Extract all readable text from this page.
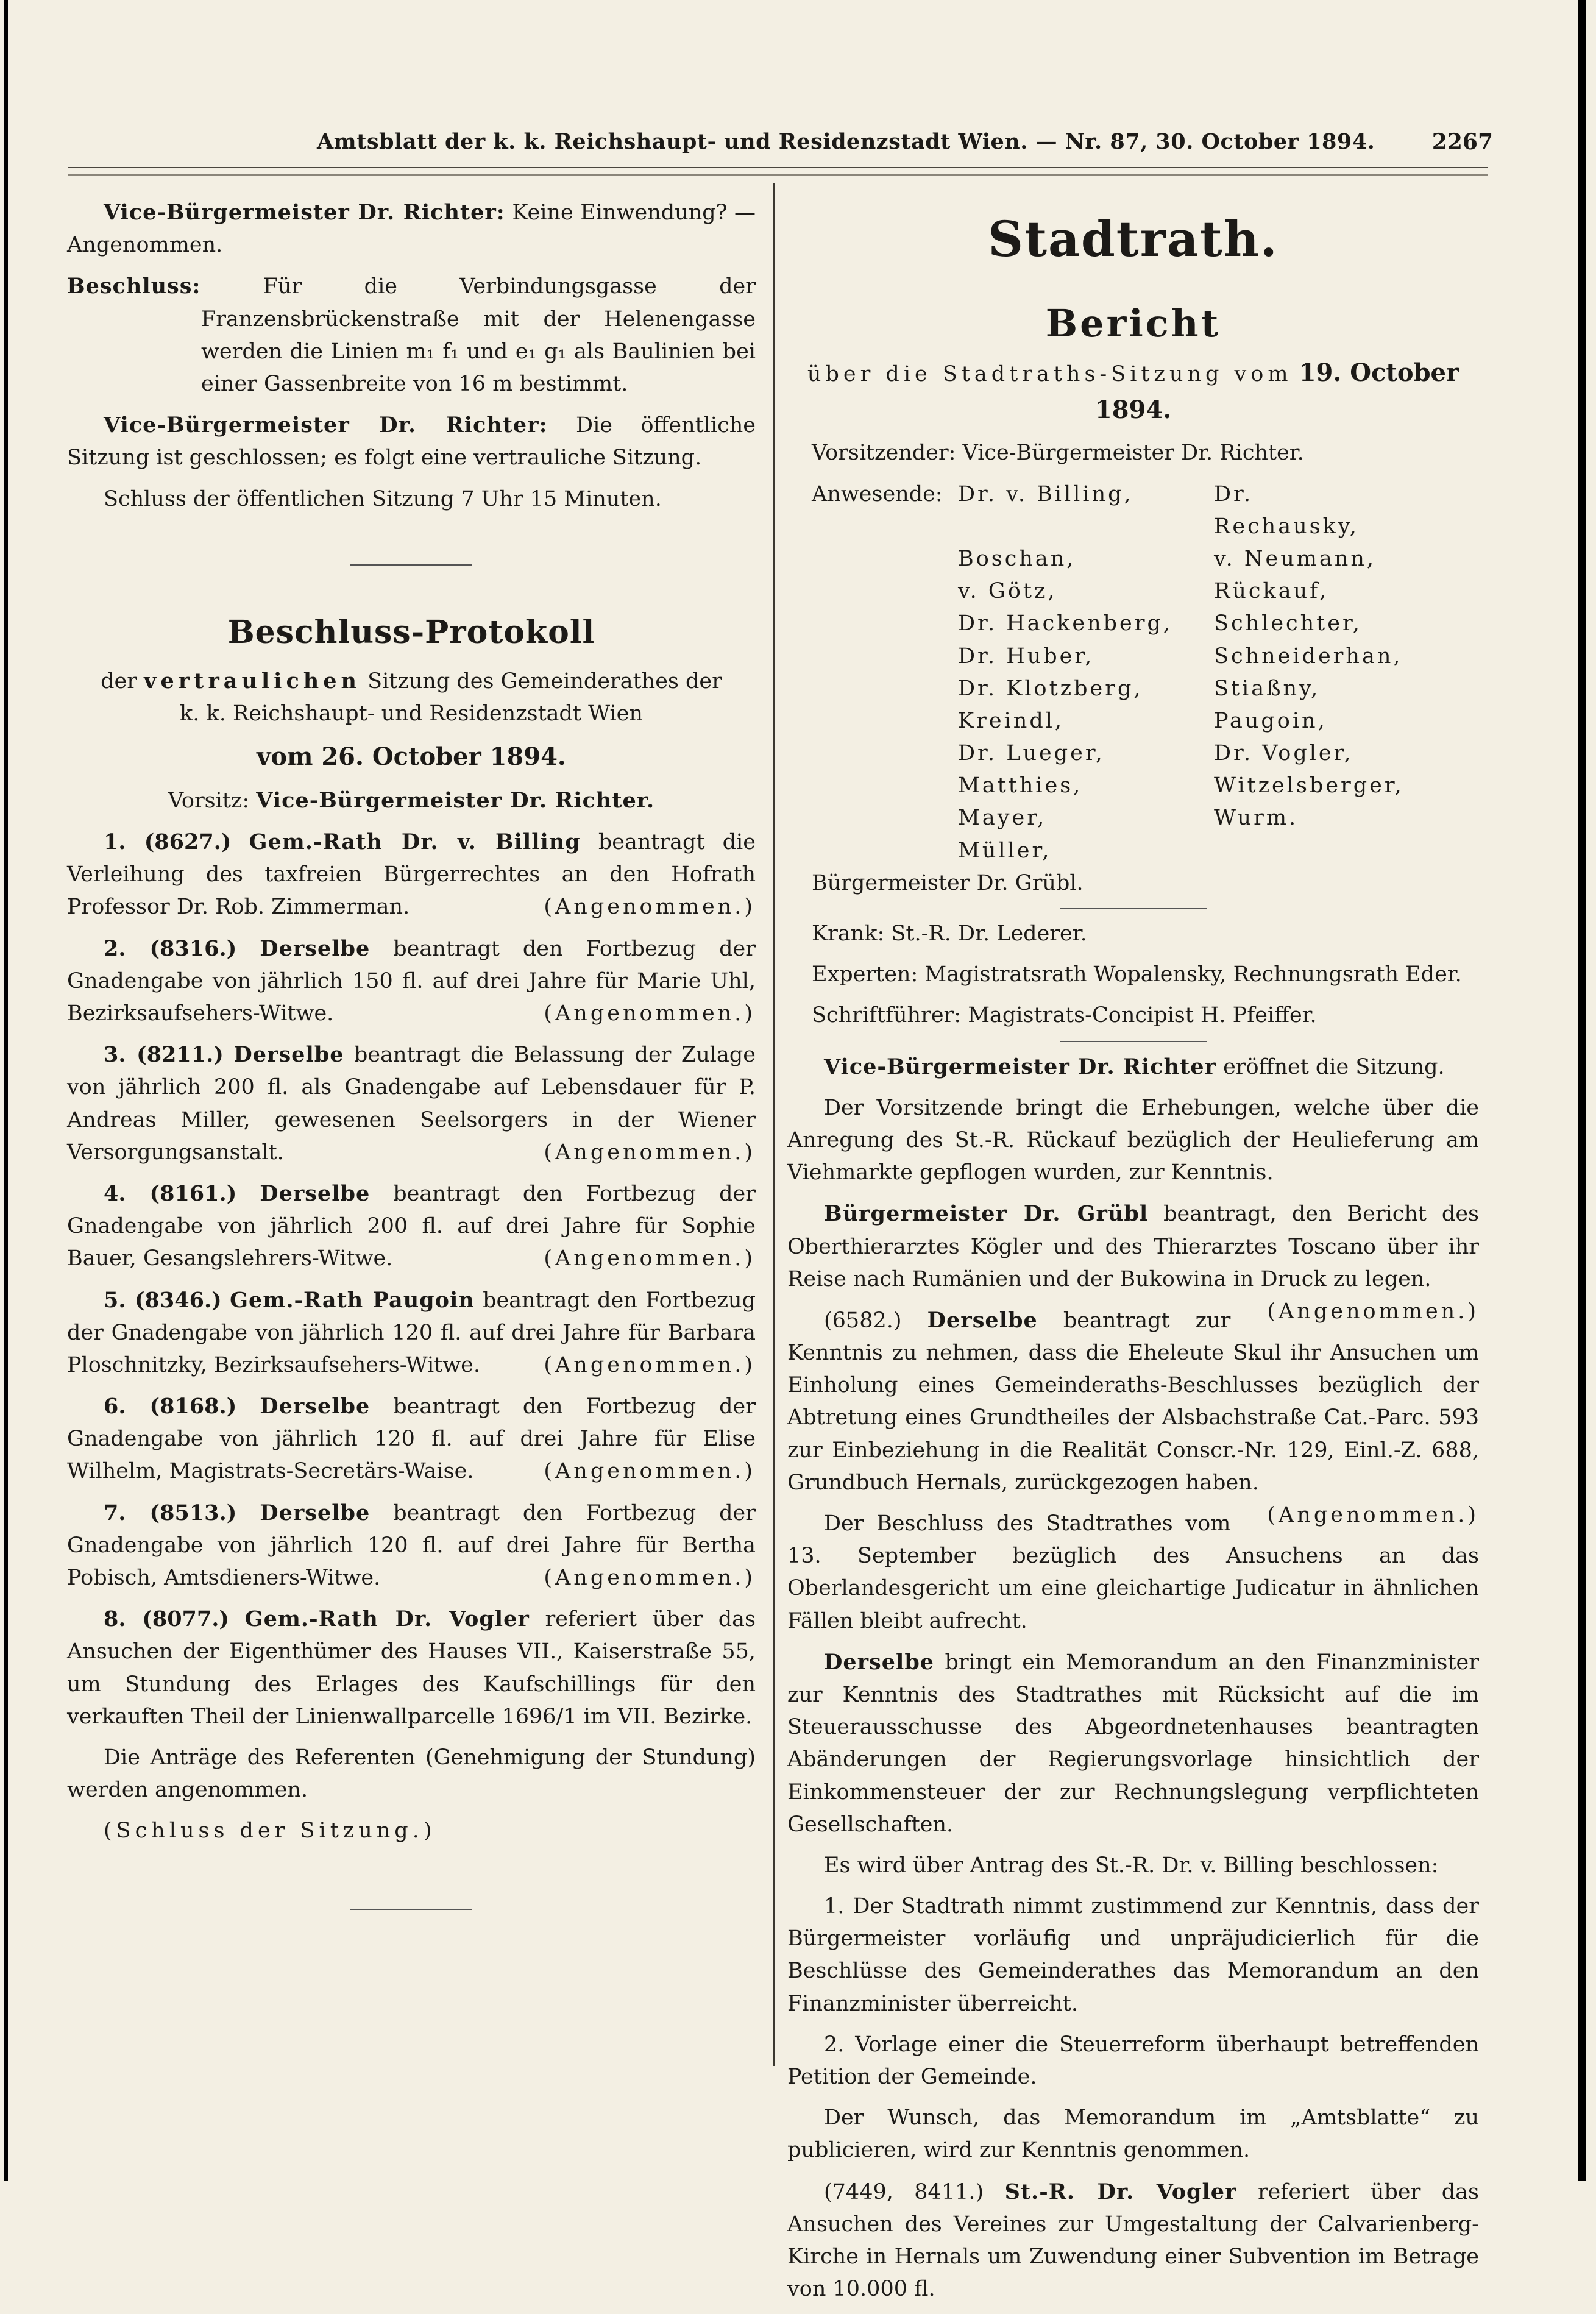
Amtsblatt der k. k. Reichshaupt- und Residenzstadt Wien. — Nr. 87, 30. October 1894.	2267

Vice-Bürgermeister Dr. Richter: Keine Einwendung? — Angenommen.

Beschluss:	Für die Verbindungsgasse der Franzensbrückenstraße mit der Helenengasse werden die Linien m₁ f₁ und e₁ g₁ als Baulinien bei einer Gassenbreite von 16 m bestimmt.

Vice-Bürgermeister Dr. Richter: Die öffentliche Sitzung ist geschlossen; es folgt eine vertrauliche Sitzung.

Schluss der öffentlichen Sitzung 7 Uhr 15 Minuten.

Beschluss-Protokoll

der vertraulichen Sitzung des Gemeinderathes der
k. k. Reichshaupt- und Residenzstadt Wien

vom 26. October 1894.

Vorsitz: Vice-Bürgermeister Dr. Richter.

1. (8627.) Gem.-Rath Dr. v. Billing beantragt die Verleihung des taxfreien Bürgerrechtes an den Hofrath Professor Dr. Rob. Zimmerman.	(Angenommen.)

2. (8316.) Derselbe beantragt den Fortbezug der Gnadengabe von jährlich 150 fl. auf drei Jahre für Marie Uhl, Bezirksaufsehers-Witwe.	(Angenommen.)

3. (8211.) Derselbe beantragt die Belassung der Zulage von jährlich 200 fl. als Gnadengabe auf Lebensdauer für P. Andreas Miller, gewesenen Seelsorgers in der Wiener Versorgungsanstalt.	(Angenommen.)

4. (8161.) Derselbe beantragt den Fortbezug der Gnadengabe von jährlich 200 fl. auf drei Jahre für Sophie Bauer, Gesangslehrers-Witwe.	(Angenommen.)

5. (8346.) Gem.-Rath Paugoin beantragt den Fortbezug der Gnadengabe von jährlich 120 fl. auf drei Jahre für Barbara Ploschnitzky, Bezirksaufsehers-Witwe.	(Angenommen.)

6. (8168.) Derselbe beantragt den Fortbezug der Gnadengabe von jährlich 120 fl. auf drei Jahre für Elise Wilhelm, Magistrats-Secretärs-Waise.	(Angenommen.)

7. (8513.) Derselbe beantragt den Fortbezug der Gnadengabe von jährlich 120 fl. auf drei Jahre für Bertha Pobisch, Amtsdieners-Witwe.	(Angenommen.)

8. (8077.) Gem.-Rath Dr. Vogler referiert über das Ansuchen der Eigenthümer des Hauses VII., Kaiserstraße 55, um Stundung des Erlages des Kaufschillings für den verkauften Theil der Linienwallparcelle 1696/1 im VII. Bezirke.

Die Anträge des Referenten (Genehmigung der Stundung) werden angenommen.

(Schluss der Sitzung.)

Stadtrath.
Bericht

über die Stadtraths-Sitzung vom 19. October 1894.

Vorsitzender: Vice-Bürgermeister Dr. Richter.

Anwesende: Dr. v. Billing,	Dr. Rechausky,
Boschan,	v. Neumann,
v. Götz,	Rückauf,
Dr. Hackenberg,	Schlechter,
Dr. Huber,	Schneiderhan,
Dr. Klotzberg,	Stiaßny,
Kreindl,	Paugoin,
Dr. Lueger,	Dr. Vogler,
Matthies,	Witzelsberger,
Mayer,	Wurm.
Müller,

Bürgermeister Dr. Grübl.

Krank: St.-R. Dr. Lederer.

Experten: Magistratsrath Wopalensky, Rechnungsrath Eder.

Schriftführer: Magistrats-Concipist H. Pfeiffer.

Vice-Bürgermeister Dr. Richter eröffnet die Sitzung.

Der Vorsitzende bringt die Erhebungen, welche über die Anregung des St.-R. Rückauf bezüglich der Heulieferung am Viehmarkte gepflogen wurden, zur Kenntnis.

Bürgermeister Dr. Grübl beantragt, den Bericht des Oberthierarztes Kögler und des Thierarztes Toscano über ihr Reise nach Rumänien und der Bukowina in Druck zu legen.
(Angenommen.)

(6582.) Derselbe beantragt zur Kenntnis zu nehmen, dass die Eheleute Skul ihr Ansuchen um Einholung eines Gemeinderaths-Beschlusses bezüglich der Abtretung eines Grundtheiles der Alsbachstraße Cat.-Parc. 593 zur Einbeziehung in die Realität Conscr.-Nr. 129, Einl.-Z. 688, Grundbuch Hernals, zurückgezogen haben.
(Angenommen.)

Der Beschluss des Stadtrathes vom 13. September bezüglich des Ansuchens an das Oberlandesgericht um eine gleichartige Judicatur in ähnlichen Fällen bleibt aufrecht.

Derselbe bringt ein Memorandum an den Finanzminister zur Kenntnis des Stadtrathes mit Rücksicht auf die im Steuerausschusse des Abgeordnetenhauses beantragten Abänderungen der Regierungsvorlage hinsichtlich der Einkommensteuer der zur Rechnungslegung verpflichteten Gesellschaften.

Es wird über Antrag des St.-R. Dr. v. Billing beschlossen:

1. Der Stadtrath nimmt zustimmend zur Kenntnis, dass der Bürgermeister vorläufig und unpräjudicierlich für die Beschlüsse des Gemeinderathes das Memorandum an den Finanzminister überreicht.

2. Vorlage einer die Steuerreform überhaupt betreffenden Petition der Gemeinde.

Der Wunsch, das Memorandum im „Amtsblatte“ zu publicieren, wird zur Kenntnis genommen.

(7449, 8411.) St.-R. Dr. Vogler referiert über das Ansuchen des Vereines zur Umgestaltung der Calvarienberg-Kirche in Hernals um Zuwendung einer Subvention im Betrage von 10.000 fl.
